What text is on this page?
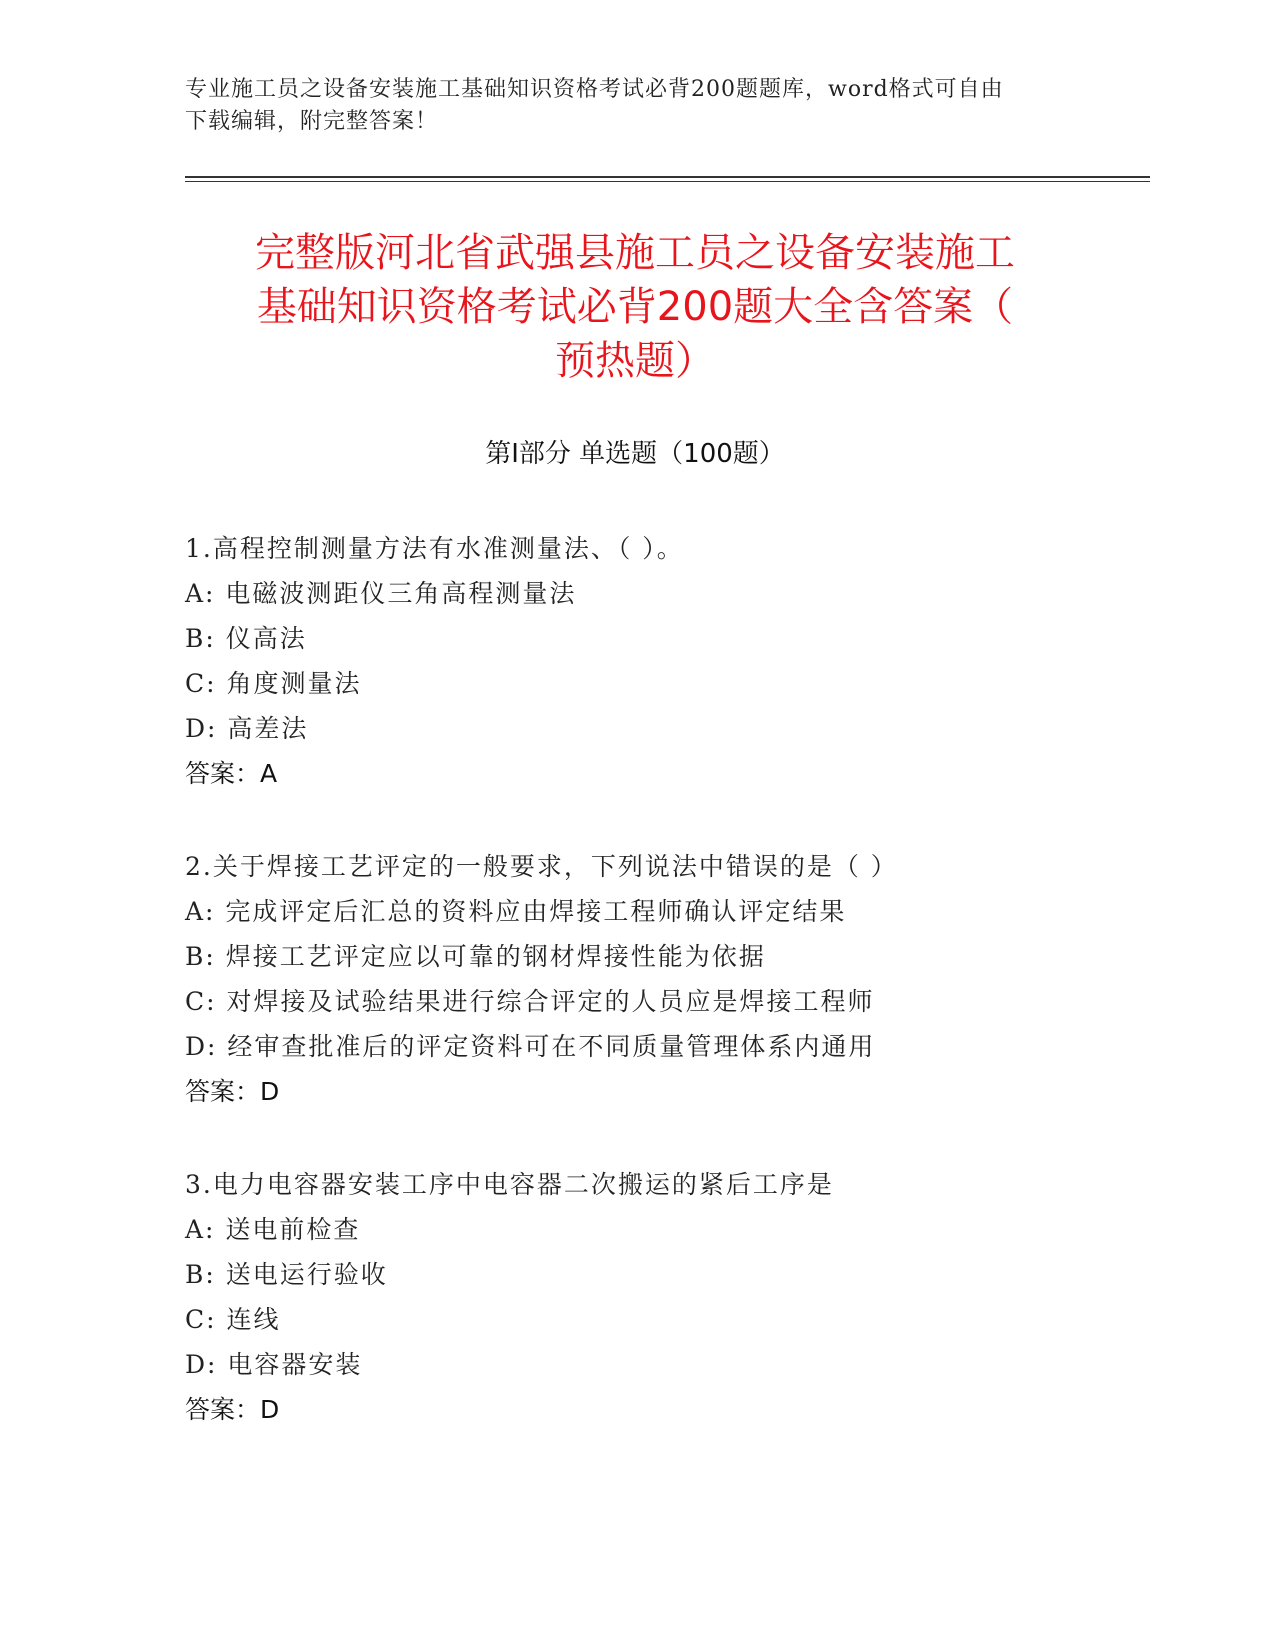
专业施工员之设备安装施工基础知识资格考试必背200题题库，word格式可自由
下载编辑，附完整答案！
完整版河北省武强县施工员之设备安装施工
基础知识资格考试必背200题大全含答案（
预热题）
第I部分 单选题（100题）
1.高程控制测量方法有水准测量法、（ ）。
A: 电磁波测距仪三角高程测量法
B: 仪高法
C: 角度测量法
D: 高差法
答案：A
2.关于焊接工艺评定的一般要求，下列说法中错误的是（ ）
A: 完成评定后汇总的资料应由焊接工程师确认评定结果
B: 焊接工艺评定应以可靠的钢材焊接性能为依据
C: 对焊接及试验结果进行综合评定的人员应是焊接工程师
D: 经审查批准后的评定资料可在不同质量管理体系内通用
答案：D
3.电力电容器安装工序中电容器二次搬运的紧后工序是
A: 送电前检查
B: 送电运行验收
C: 连线
D: 电容器安装
答案：D
